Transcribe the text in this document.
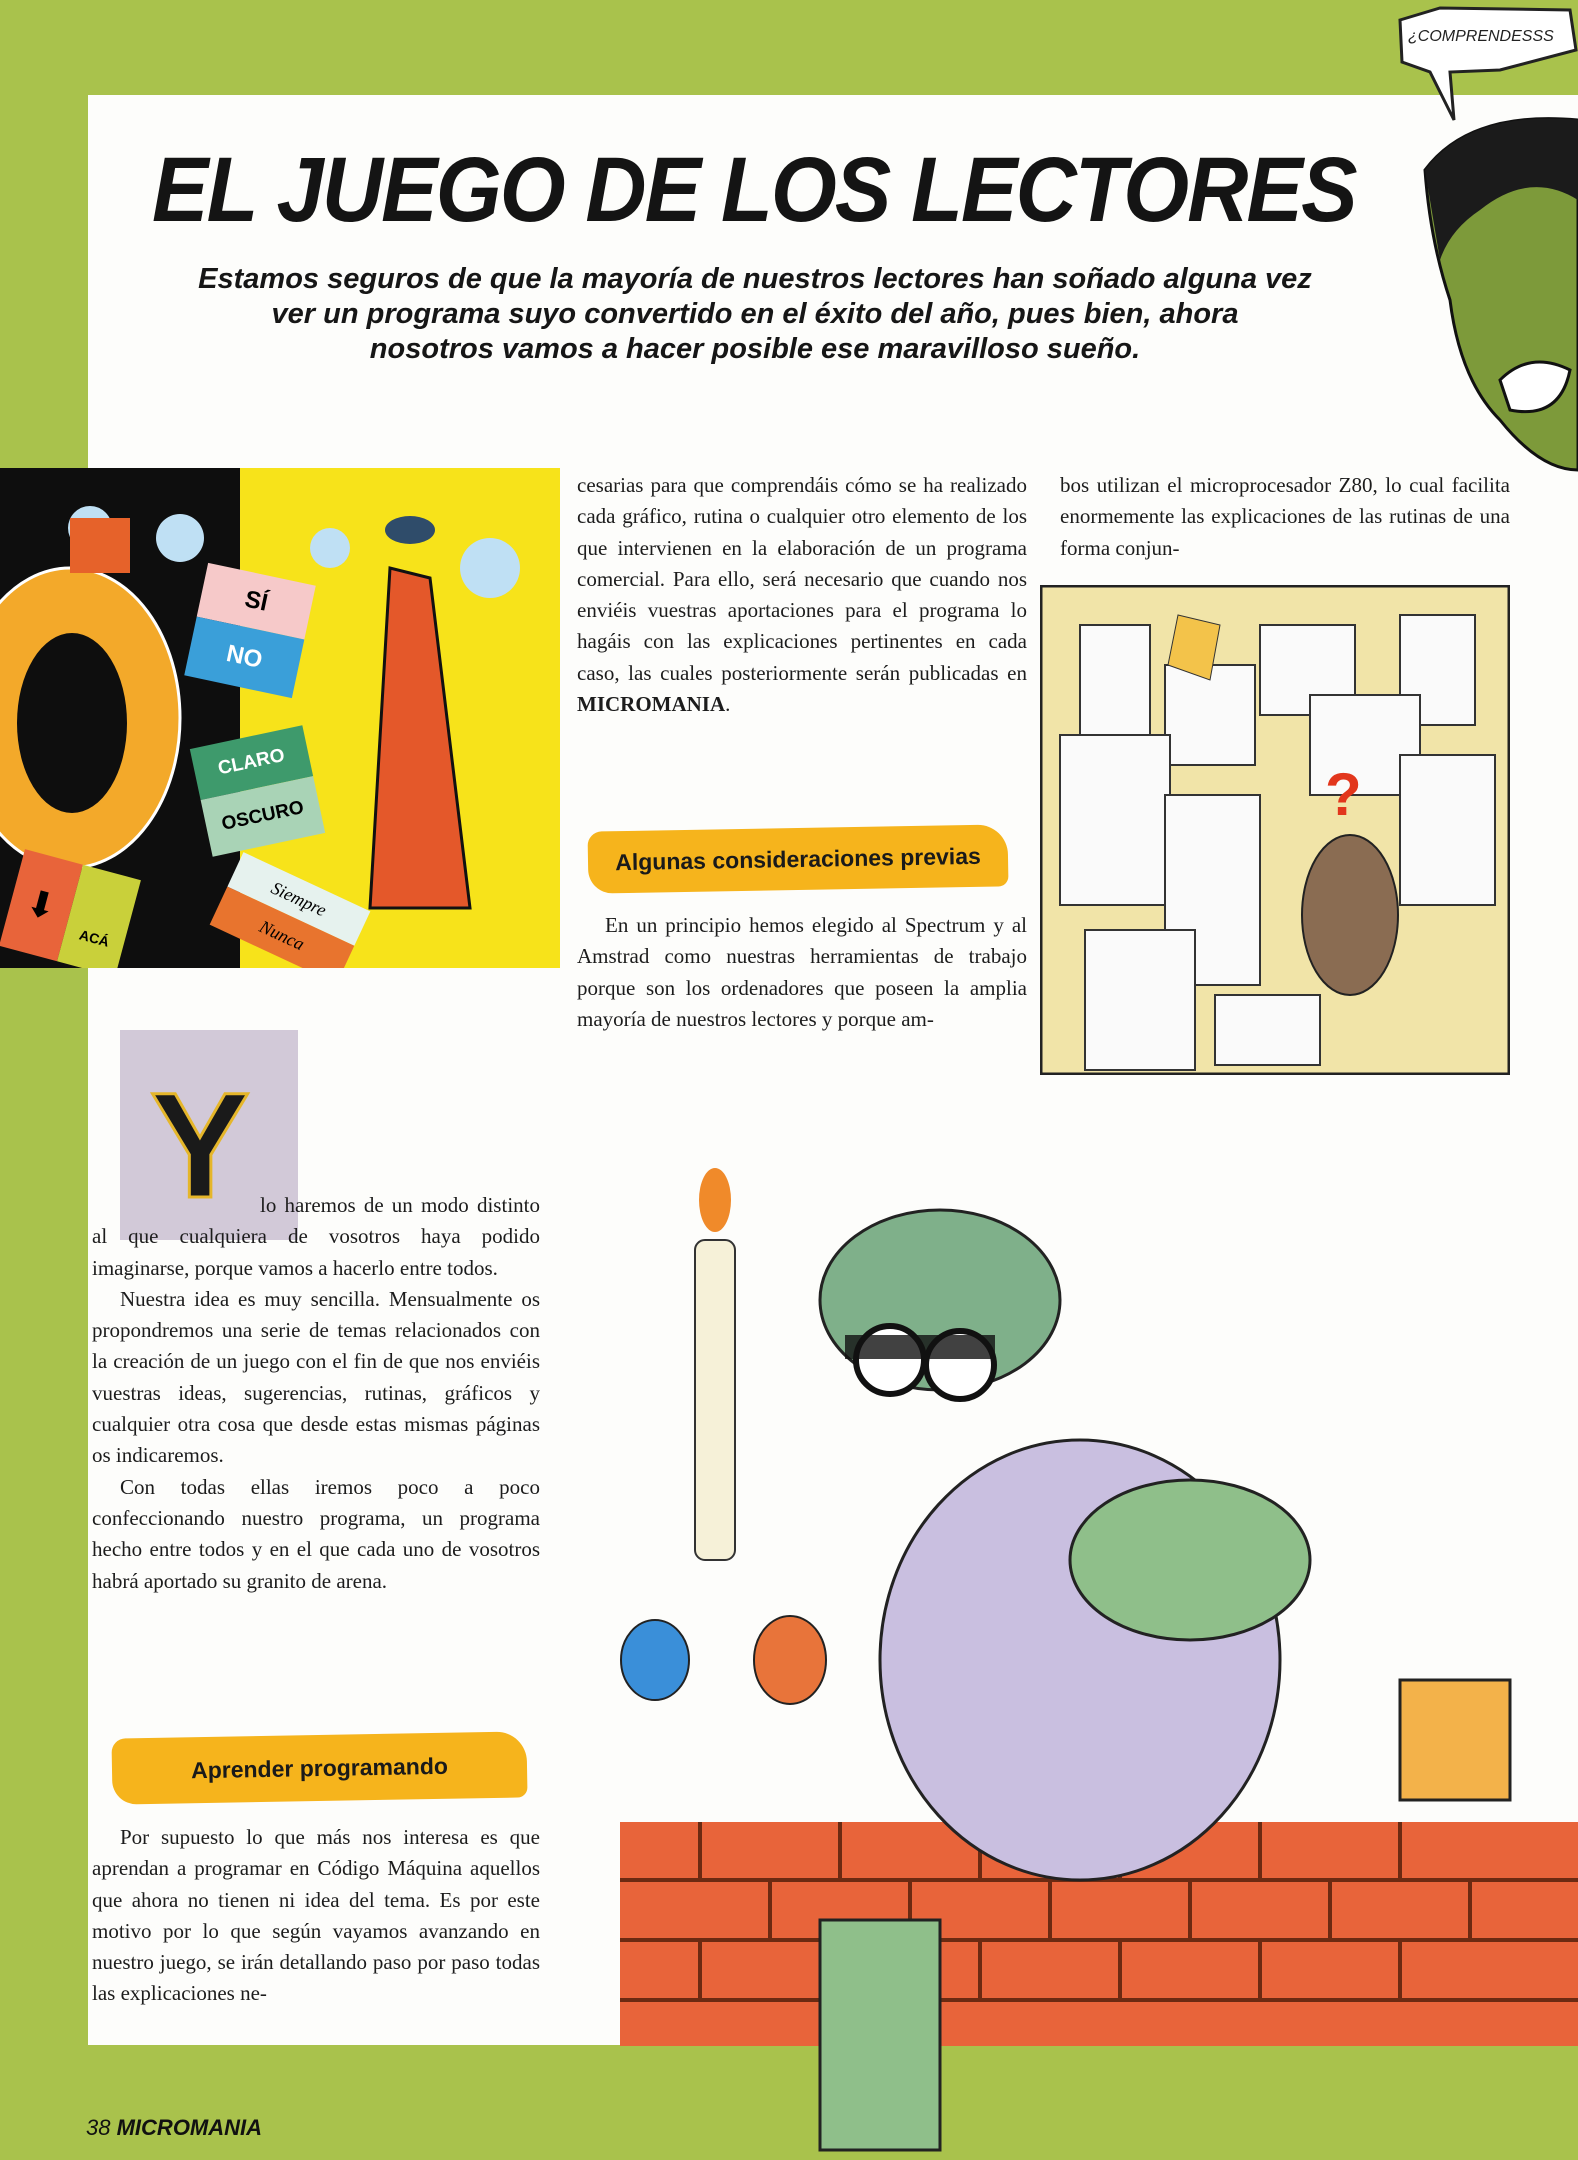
¿COMPRENDESSS
EL JUEGO DE LOS LECTORES
Estamos seguros de que la mayoría de nuestros lectores han soñado alguna vez
ver un programa suyo convertido en el éxito del año, pues bien, ahora
nosotros vamos a hacer posible ese maravilloso sueño.
SÍ
NO
CLARO
OSCURO
Siempre
Nunca
⬇
ACÁ

cesarias para que comprendáis cómo se ha realizado cada gráfico, rutina o cualquier otro elemento de los que intervienen en la elaboración de un programa comercial. Para ello, será necesario que cuando nos enviéis vuestras aportaciones para el programa lo hagáis con las explicaciones pertinentes en cada caso, las cuales posteriormente serán publicadas en MICROMANIA.

Algunas consideraciones previas

En un principio hemos elegido al Spectrum y al Amstrad como nuestras herramientas de trabajo porque son los ordenadores que poseen la amplia mayoría de nuestros lectores y porque am-

bos utilizan el microprocesador Z80, lo cual facilita enormemente las explicaciones de las rutinas de una forma conjun-

?
Y lo haremos de un modo distinto al que cualquiera de vosotros haya podido imaginarse, porque vamos a hacerlo entre todos.

Nuestra idea es muy sencilla. Mensualmente os propondremos una serie de temas relacionados con la creación de un juego con el fin de que nos enviéis vuestras ideas, sugerencias, rutinas, gráficos y cualquier otra cosa que desde estas mismas páginas os indicaremos.

Con todas ellas iremos poco a poco confeccionando nuestro programa, un programa hecho entre todos y en el que cada uno de vosotros habrá aportado su granito de arena.

Aprender programando

Por supuesto lo que más nos interesa es que aprendan a programar en Código Máquina aquellos que ahora no tienen ni idea del tema. Es por este motivo por lo que según vayamos avanzando en nuestro juego, se irán detallando paso por paso todas las explicaciones ne-

38 MICROMANIA
